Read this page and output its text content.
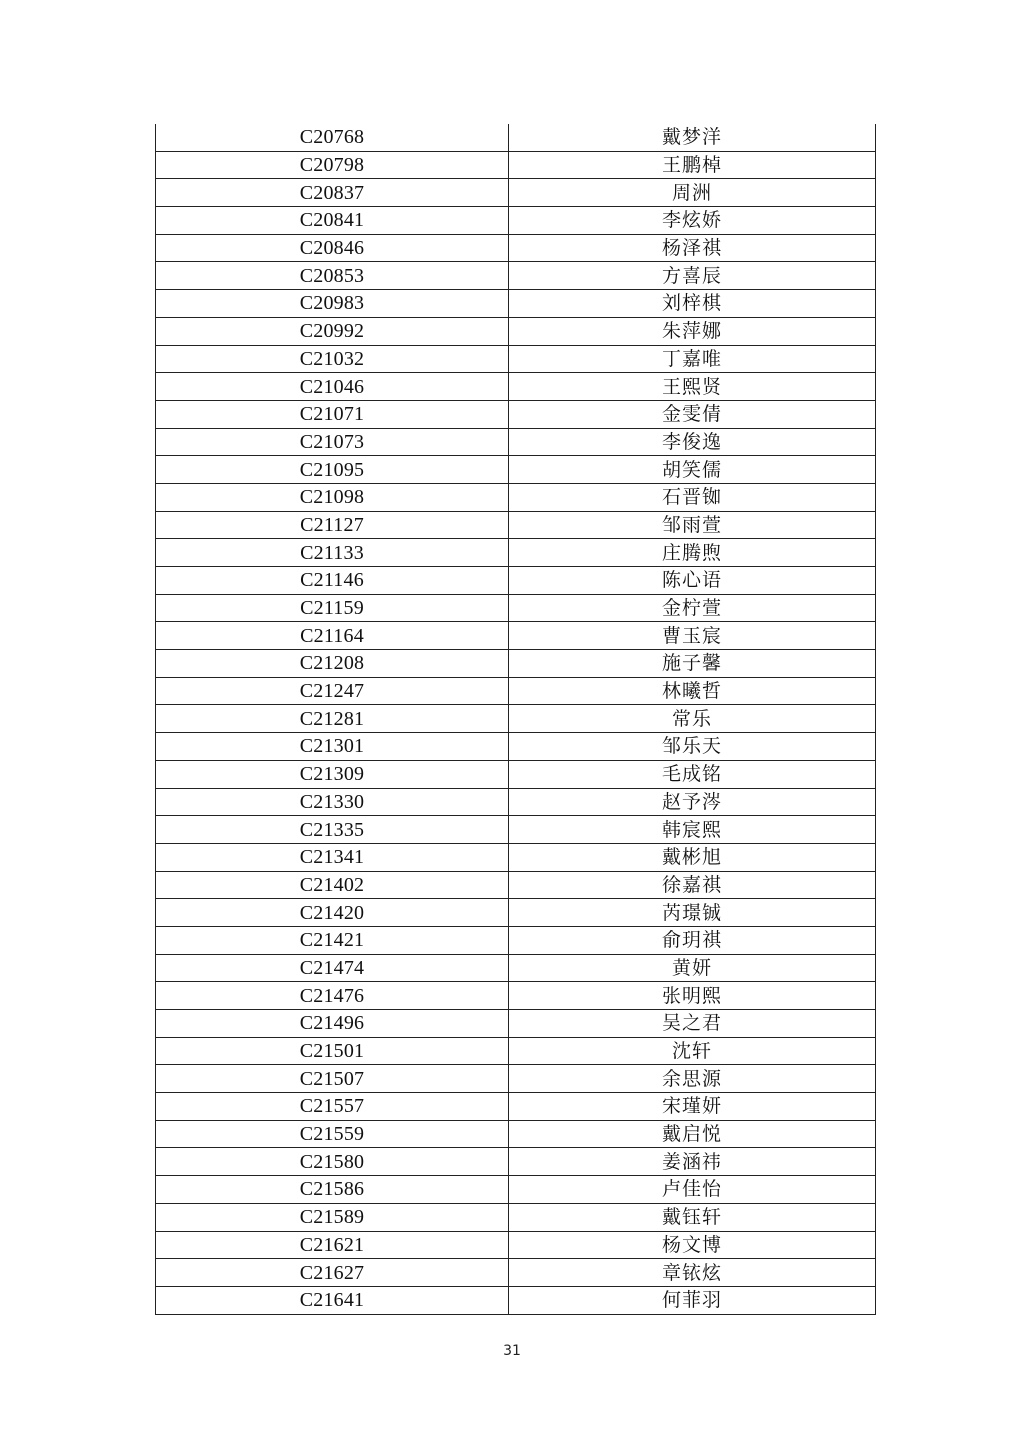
C20768	戴梦洋
C20798	王鹏棹
C20837	周洲
C20841	李炫娇
C20846	杨泽祺
C20853	方喜辰
C20983	刘梓棋
C20992	朱萍娜
C21032	丁嘉唯
C21046	王熙贤
C21071	金雯倩
C21073	李俊逸
C21095	胡笑儒
C21098	石晋铷
C21127	邹雨萱
C21133	庄腾煦
C21146	陈心语
C21159	金柠萱
C21164	曹玉宸
C21208	施子馨
C21247	林曦哲
C21281	常乐
C21301	邹乐天
C21309	毛成铭
C21330	赵予涔
C21335	韩宸熙
C21341	戴彬旭
C21402	徐嘉祺
C21420	芮璟铖
C21421	俞玥祺
C21474	黄妍
C21476	张明熙
C21496	吴之君
C21501	沈轩
C21507	余思源
C21557	宋瑾妍
C21559	戴启悦
C21580	姜涵祎
C21586	卢佳怡
C21589	戴钰轩
C21621	杨文博
C21627	章铱炫
C21641	何菲羽
31
